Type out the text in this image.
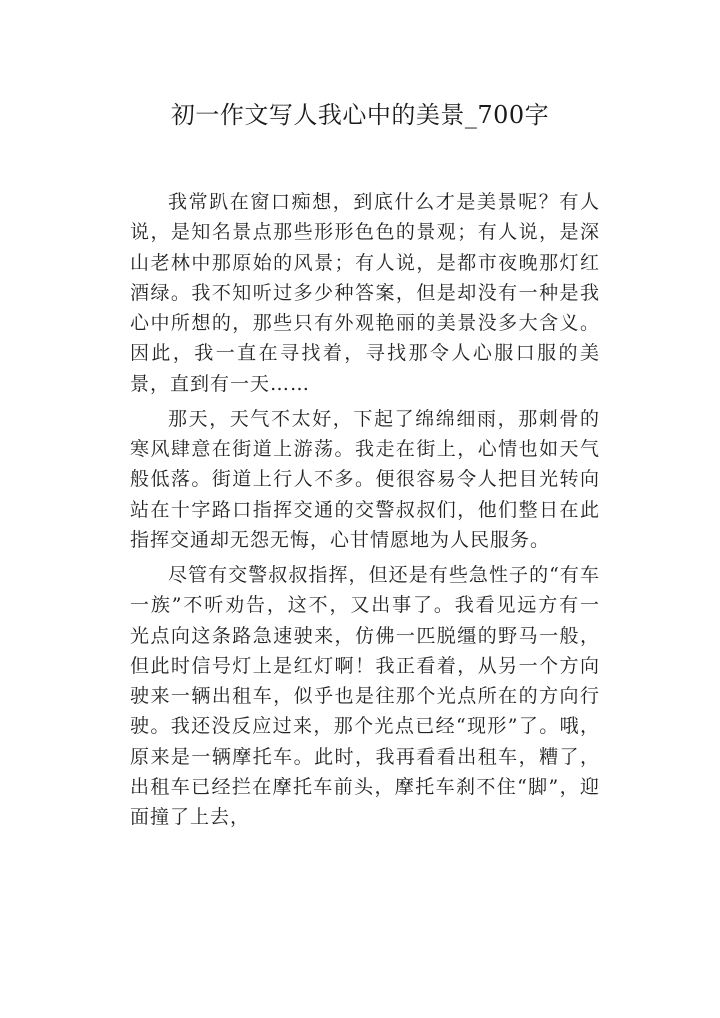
初一作文写人我心中的美景_700字

我常趴在窗口痴想，到底什么才是美景呢？有人说，是知名景点那些形形色色的景观；有人说，是深山老林中那原始的风景；有人说，是都市夜晚那灯红酒绿。我不知听过多少种答案，但是却没有一种是我心中所想的，那些只有外观艳丽的美景没多大含义。因此，我一直在寻找着，寻找那令人心服口服的美景，直到有一天……

那天，天气不太好，下起了绵绵细雨，那刺骨的寒风肆意在街道上游荡。我走在街上，心情也如天气般低落。街道上行人不多。便很容易令人把目光转向站在十字路口指挥交通的交警叔叔们，他们整日在此指挥交通却无怨无悔，心甘情愿地为人民服务。

尽管有交警叔叔指挥，但还是有些急性子的“有车一族”不听劝告，这不，又出事了。我看见远方有一光点向这条路急速驶来，仿佛一匹脱缰的野马一般，但此时信号灯上是红灯啊！我正看着，从另一个方向驶来一辆出租车，似乎也是往那个光点所在的方向行驶。我还没反应过来，那个光点已经“现形”了。哦，原来是一辆摩托车。此时，我再看看出租车，糟了，出租车已经拦在摩托车前头，摩托车刹不住“脚”，迎面撞了上去，
